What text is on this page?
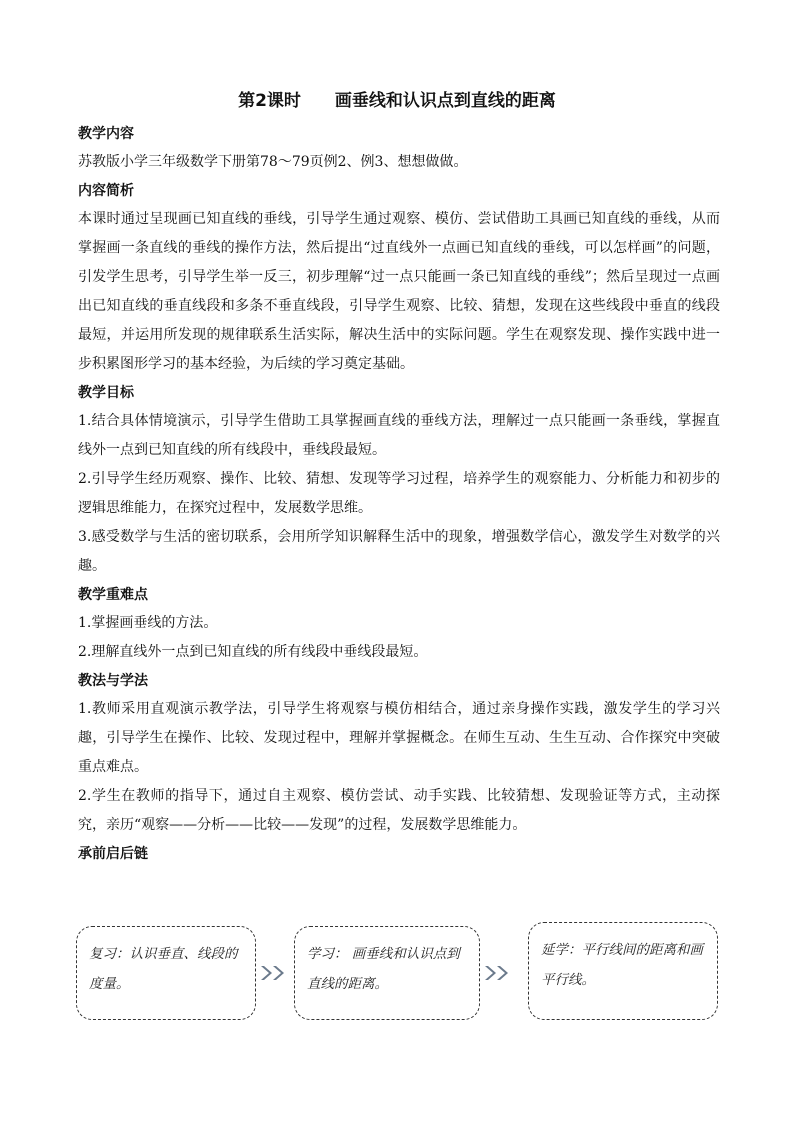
第2课时 画垂线和认识点到直线的距离
教学内容

苏教版小学三年级数学下册第78～79页例2、例3、想想做做。

内容简析

本课时通过呈现画已知直线的垂线，引导学生通过观察、模仿、尝试借助工具画已知直线的垂线，从而掌握画一条直线的垂线的操作方法，然后提出“过直线外一点画已知直线的垂线，可以怎样画”的问题，引发学生思考，引导学生举一反三，初步理解“过一点只能画一条已知直线的垂线”；然后呈现过一点画出已知直线的垂直线段和多条不垂直线段，引导学生观察、比较、猜想，发现在这些线段中垂直的线段最短，并运用所发现的规律联系生活实际，解决生活中的实际问题。学生在观察发现、操作实践中进一步积累图形学习的基本经验，为后续的学习奠定基础。

教学目标

1.结合具体情境演示，引导学生借助工具掌握画直线的垂线方法，理解过一点只能画一条垂线，掌握直线外一点到已知直线的所有线段中，垂线段最短。

2.引导学生经历观察、操作、比较、猜想、发现等学习过程，培养学生的观察能力、分析能力和初步的逻辑思维能力，在探究过程中，发展数学思维。

3.感受数学与生活的密切联系，会用所学知识解释生活中的现象，增强数学信心，激发学生对数学的兴趣。

教学重难点

1.掌握画垂线的方法。

2.理解直线外一点到已知直线的所有线段中垂线段最短。

教法与学法

1.教师采用直观演示教学法，引导学生将观察与模仿相结合，通过亲身操作实践，激发学生的学习兴趣，引导学生在操作、比较、发现过程中，理解并掌握概念。在师生互动、生生互动、合作探究中突破重点难点。

2.学生在教师的指导下，通过自主观察、模仿尝试、动手实践、比较猜想、发现验证等方式，主动探究，亲历“观察——分析——比较——发现”的过程，发展数学思维能力。

承前启后链
复习：认识垂直、线段的度量。
学习： 画垂线和认识点到直线的距离。
延学：平行线间的距离和画平行线。
